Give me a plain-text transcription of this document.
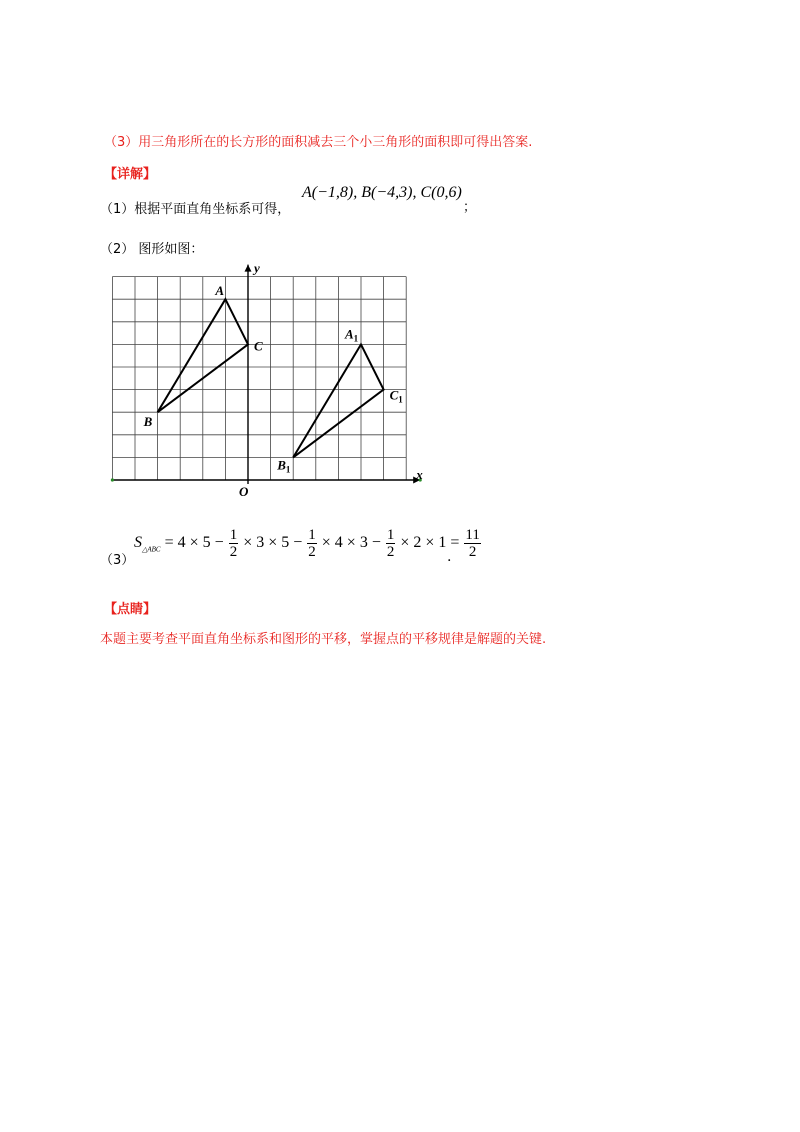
（3）用三角形所在的长方形的面积减去三个小三角形的面积即可得出答案.
【详解】
（1）根据平面直角坐标系可得，
A(−1,8), B(−4,3), C(0,6)
；
（2） 图形如图：
A
B
C
$A_1$
$B_1$
$C_1$
y
x
O
（3）
$S_{\triangle ABC} = 4 \times 5 - \frac{1}{2} \times 3 \times 5 - \frac{1}{2} \times 4 \times 3 - \frac{1}{2} \times 2 \times 1 = \frac{11}{2}$
.
【点睛】
本题主要考查平面直角坐标系和图形的平移，掌握点的平移规律是解题的关键.
